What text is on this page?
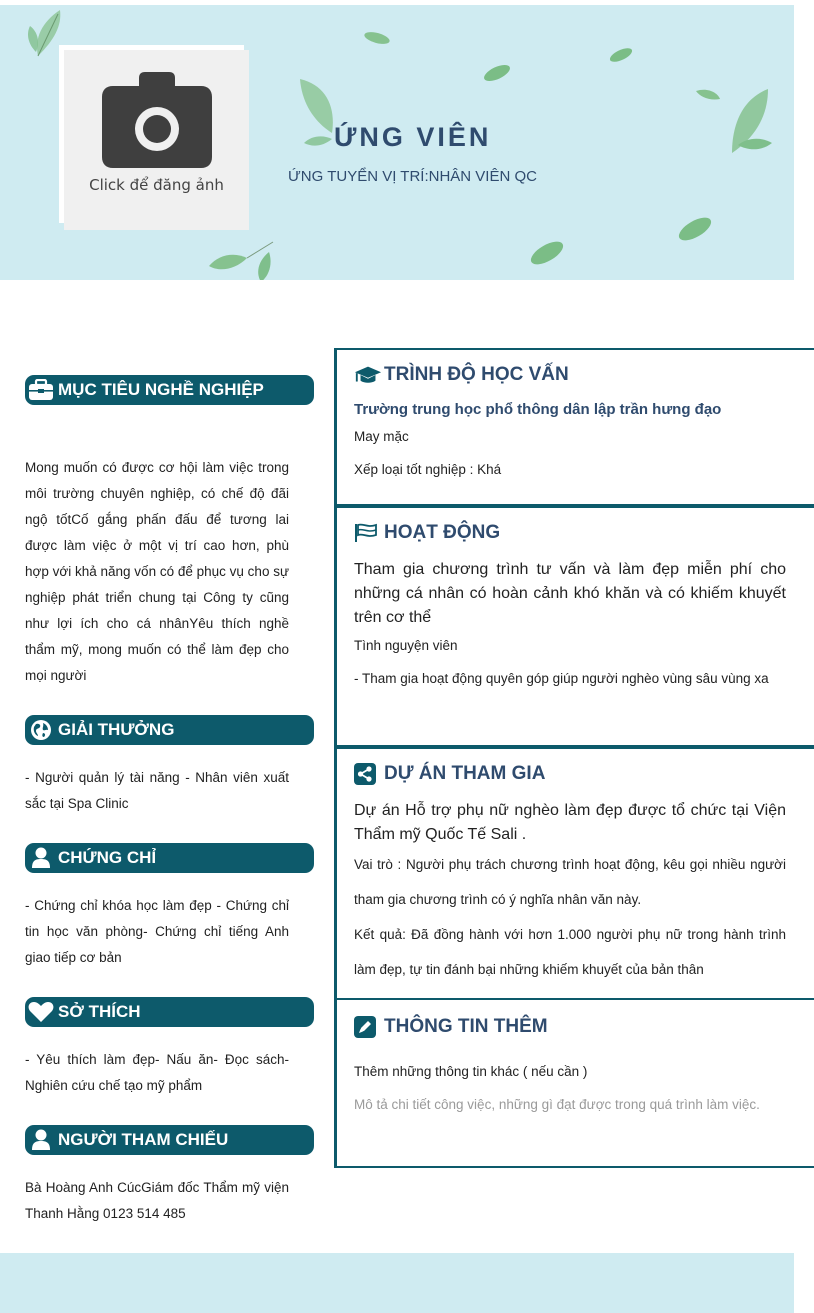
Click để đăng ảnh
ỨNG VIÊN
ỨNG TUYỂN VỊ TRÍ:NHÂN VIÊN QC
MỤC TIÊU NGHỀ NGHIỆP
Mong muốn có được cơ hội làm việc trong môi trường chuyên nghiệp, có chế độ đãi ngộ tốtCố gắng phấn đấu để tương lai được làm việc ở một vị trí cao hơn, phù hợp với khả năng vốn có để phục vụ cho sự nghiệp phát triển chung tại Công ty cũng như lợi ích cho cá nhânYêu thích nghề thẩm mỹ, mong muốn có thể làm đẹp cho mọi người
GIẢI THƯỞNG
- Người quản lý tài năng - Nhân viên xuất sắc tại Spa Clinic
CHỨNG CHỈ
- Chứng chỉ khóa học làm đẹp - Chứng chỉ tin học văn phòng- Chứng chỉ tiếng Anh giao tiếp cơ bản
SỞ THÍCH
- Yêu thích làm đẹp- Nấu ăn- Đọc sách- Nghiên cứu chế tạo mỹ phẩm
NGƯỜI THAM CHIẾU
Bà Hoàng Anh CúcGiám đốc Thẩm mỹ viện Thanh Hằng 0123 514 485
TRÌNH ĐỘ HỌC VẤN
Trường trung học phổ thông dân lập trần hưng đạo
May mặc
Xếp loại tốt nghiệp : Khá
HOẠT ĐỘNG
Tham gia chương trình tư vấn và làm đẹp miễn phí cho những cá nhân có hoàn cảnh khó khăn và có khiếm khuyết trên cơ thể
Tình nguyện viên
- Tham gia hoạt động quyên góp giúp người nghèo vùng sâu vùng xa
DỰ ÁN THAM GIA
Dự án Hỗ trợ phụ nữ nghèo làm đẹp được tổ chức tại Viện Thẩm mỹ Quốc Tế Sali .
Vai trò : Người phụ trách chương trình hoạt động, kêu gọi nhiều người tham gia chương trình có ý nghĩa nhân văn này.
Kết quả: Đã đồng hành với hơn 1.000 người phụ nữ trong hành trình làm đẹp, tự tin đánh bại những khiếm khuyết của bản thân
THÔNG TIN THÊM
Thêm những thông tin khác ( nếu cần )
Mô tả chi tiết công việc, những gì đạt được trong quá trình làm việc.
